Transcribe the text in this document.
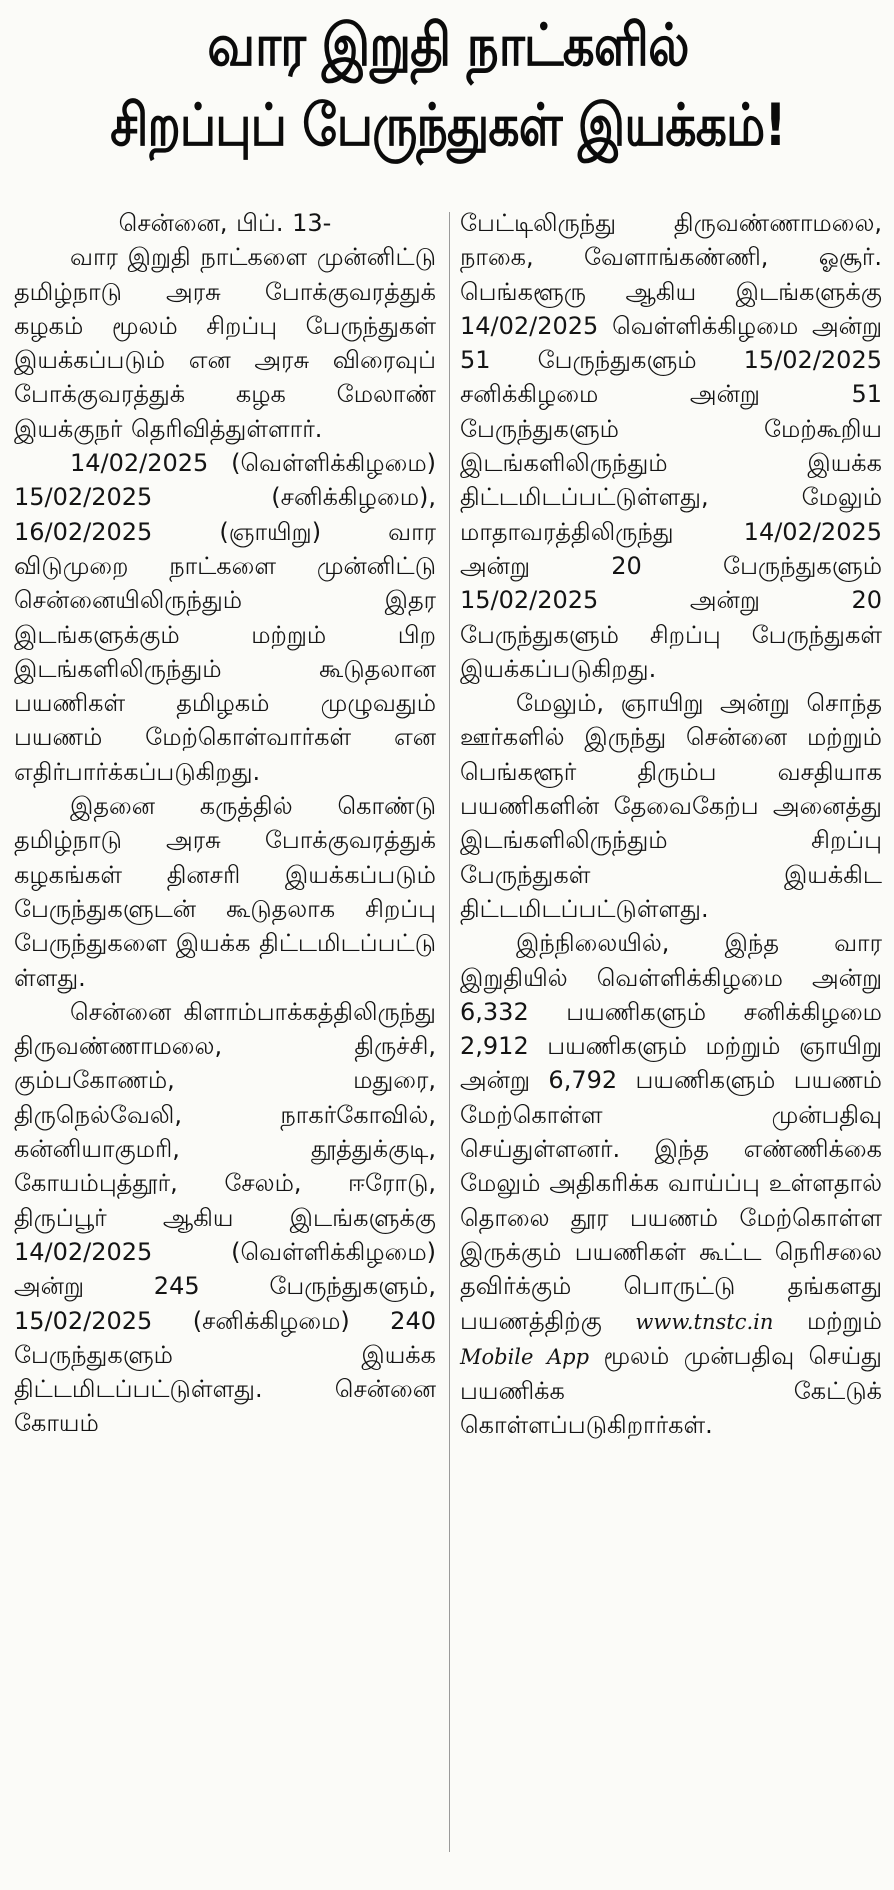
வார இறுதி நாட்களில்
சிறப்புப் பேருந்துகள் இயக்கம்!

சென்னை, பிப். 13-

வார இறுதி நாட்களை முன்னிட்டு தமிழ்நாடு அரசு போக்குவரத்துக் கழகம் மூலம் சிறப்பு பேருந்துகள் இயக்கப்படும் என அரசு விரைவுப் போக்குவரத்துக் கழக மேலாண் இயக்குநர் தெரிவித்துள்ளார்.

14/02/2025 (வெள்ளிக்கிழமை) 15/02/2025 (சனிக்கிழமை), 16/02/2025 (ஞாயிறு) வார விடுமுறை நாட்களை முன்னிட்டு சென்னையிலிருந்தும் இதர இடங்களுக்கும் மற்றும் பிற இடங்களிலிருந்தும் கூடுதலான பயணிகள் தமிழகம் முழுவதும் பயணம் மேற்கொள்வார்கள் என எதிர்பார்க்கப்படுகிறது.

இதனை கருத்தில் கொண்டு தமிழ்நாடு அரசு போக்குவரத்துக் கழகங்கள் தினசரி இயக்கப்படும் பேருந்துகளுடன் கூடுதலாக சிறப்பு பேருந்துகளை இயக்க திட்டமிடப்பட்டு ள்ளது.

சென்னை கிளாம்பாக்கத்திலிருந்து திருவண்ணாமலை, திருச்சி, கும்பகோணம், மதுரை, திருநெல்வேலி, நாகர்கோவில், கன்னியாகுமரி, தூத்துக்குடி, கோயம்புத்தூர், சேலம், ஈரோடு, திருப்பூர் ஆகிய இடங்களுக்கு 14/02/2025 (வெள்ளிக்கிழமை) அன்று 245 பேருந்துகளும், 15/02/2025 (சனிக்கிழமை) 240 பேருந்துகளும் இயக்க திட்டமிடப்பட்டுள்ளது. சென்னை கோயம்

பேட்டிலிருந்து திருவண்ணாமலை, நாகை, வேளாங்கண்ணி, ஓசூர். பெங்களூரு ஆகிய இடங்களுக்கு 14/02/2025 வெள்ளிக்கிழமை அன்று 51 பேருந்துகளும் 15/02/2025 சனிக்கிழமை அன்று 51 பேருந்துகளும் மேற்கூறிய இடங்களிலிருந்தும் இயக்க திட்டமிடப்பட்டுள்ளது, மேலும் மாதாவரத்திலிருந்து 14/02/2025 அன்று 20 பேருந்துகளும் 15/02/2025 அன்று 20 பேருந்துகளும் சிறப்பு பேருந்துகள் இயக்கப்படுகிறது.

மேலும், ஞாயிறு அன்று சொந்த ஊர்களில் இருந்து சென்னை மற்றும் பெங்களூர் திரும்ப வசதியாக பயணிகளின் தேவைகேற்ப அனைத்து இடங்களிலிருந்தும் சிறப்பு பேருந்துகள் இயக்கிட திட்டமிடப்பட்டுள்ளது.

இந்நிலையில், இந்த வார இறுதியில் வெள்ளிக்கிழமை அன்று 6,332 பயணிகளும் சனிக்கிழமை 2,912 பயணிகளும் மற்றும் ஞாயிறு அன்று 6,792 பயணிகளும் பயணம் மேற்கொள்ள முன்பதிவு செய்துள்ளனர். இந்த எண்ணிக்கை மேலும் அதிகரிக்க வாய்ப்பு உள்ளதால் தொலை தூர பயணம் மேற்கொள்ள இருக்கும் பயணிகள் கூட்ட நெரிசலை தவிர்க்கும் பொருட்டு தங்களது பயணத்திற்கு www.tnstc.in மற்றும் Mobile App மூலம் முன்பதிவு செய்து பயணிக்க கேட்டுக் கொள்ளப்படுகிறார்கள்.
